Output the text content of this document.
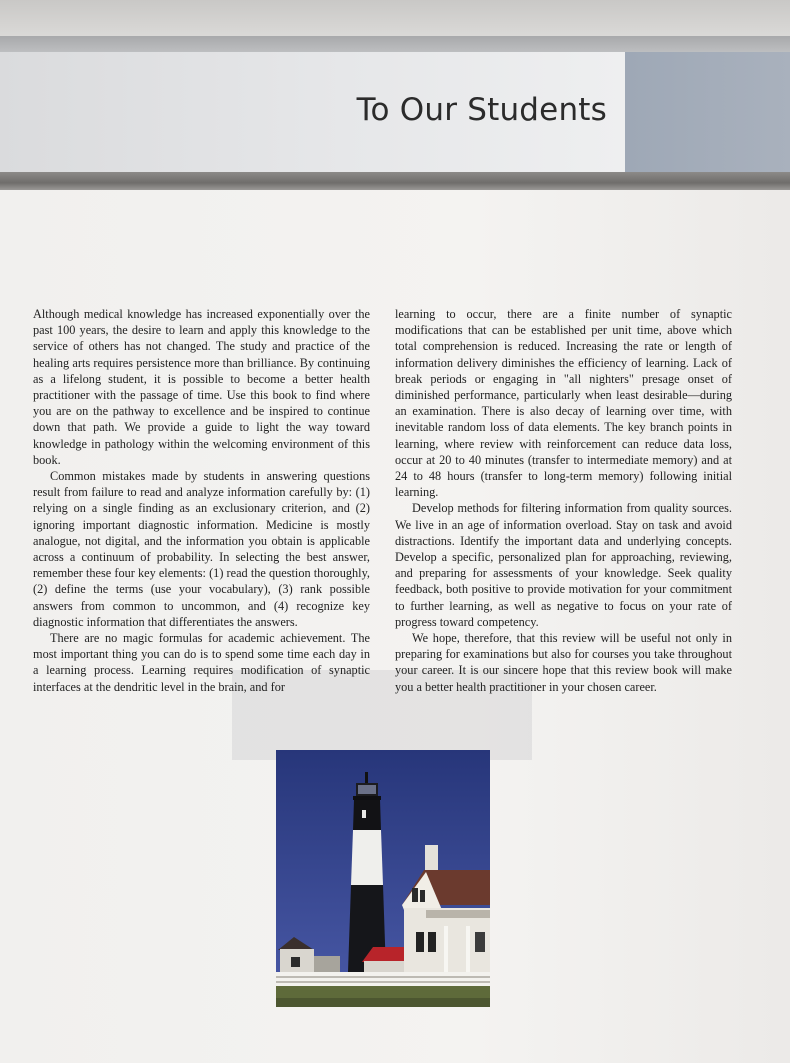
To Our Students

Although medical knowledge has increased exponentially over the past 100 years, the desire to learn and apply this knowledge to the service of others has not changed. The study and practice of the healing arts requires persistence more than brilliance. By continuing as a lifelong student, it is possible to become a better health practitioner with the passage of time. Use this book to find where you are on the pathway to excellence and be inspired to continue down that path. We provide a guide to light the way toward knowledge in pathology within the welcoming environment of this book.

Common mistakes made by students in answering questions result from failure to read and analyze information carefully by: (1) relying on a single finding as an exclusionary criterion, and (2) ignoring important diagnostic information. Medicine is mostly analogue, not digital, and the information you obtain is applicable across a continuum of probability. In selecting the best answer, remember these four key elements: (1) read the question thoroughly, (2) define the terms (use your vocabulary), (3) rank possible answers from common to uncommon, and (4) recognize key diagnostic information that differentiates the answers.

There are no magic formulas for academic achievement. The most important thing you can do is to spend some time each day in a learning process. Learning requires modification of synaptic interfaces at the dendritic level in the brain, and for

learning to occur, there are a finite number of synaptic modifications that can be established per unit time, above which total comprehension is reduced. Increasing the rate or length of information delivery diminishes the efficiency of learning. Lack of break periods or engaging in "all nighters" presage onset of diminished performance, particularly when least desirable—during an examination. There is also decay of learning over time, with inevitable random loss of data elements. The key branch points in learning, where review with reinforcement can reduce data loss, occur at 20 to 40 minutes (transfer to intermediate memory) and at 24 to 48 hours (transfer to long-term memory) following initial learning.

Develop methods for filtering information from quality sources. We live in an age of information overload. Stay on task and avoid distractions. Identify the important data and underlying concepts. Develop a specific, personalized plan for approaching, reviewing, and preparing for assessments of your knowledge. Seek quality feedback, both positive to provide motivation for your commitment to further learning, as well as negative to focus on your rate of progress toward competency.

We hope, therefore, that this review will be useful not only in preparing for examinations but also for courses you take throughout your career. It is our sincere hope that this review book will make you a better health practitioner in your chosen career.
